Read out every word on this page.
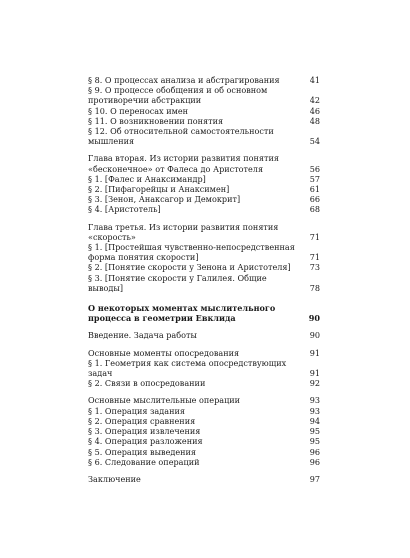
§ 8. О процессах анализа и абстрагирования	41
§ 9. О процессе обобщения и об основном противоречии абстракции	42
§ 10. О переносах имен	46
§ 11. О возникновении понятия	48
§ 12. Об относительной самостоятельности мышления	54
Глава вторая. Из истории развития понятия «бесконечное» от Фалеса до Аристотеля	56
§ 1. [Фалес и Анаксимандр]	57
§ 2. [Пифагорейцы и Анаксимен]	61
§ 3. [Зенон, Анаксагор и Демокрит]	66
§ 4. [Аристотель]	68
Глава третья. Из истории развития понятия «скорость»	71
§ 1. [Простейшая чувственно-непосредственная форма понятия скорости]	71
§ 2. [Понятие скорости у Зенона и Аристотеля]	73
§ 3. [Понятие скорости у Галилея. Общие выводы]	78
О некоторых моментах мыслительного процесса в геометрии Евклида	90
Введение. Задача работы	90
Основные моменты опосредования	91
§ 1. Геометрия как система опосредствующих задач	91
§ 2. Связи в опосредовании	92
Основные мыслительные операции	93
§ 1. Операция задания	93
§ 2. Операция сравнения	94
§ 3. Операция извлечения	95
§ 4. Операция разложения	95
§ 5. Операция выведения	96
§ 6. Следование операций	96
Заключение	97
